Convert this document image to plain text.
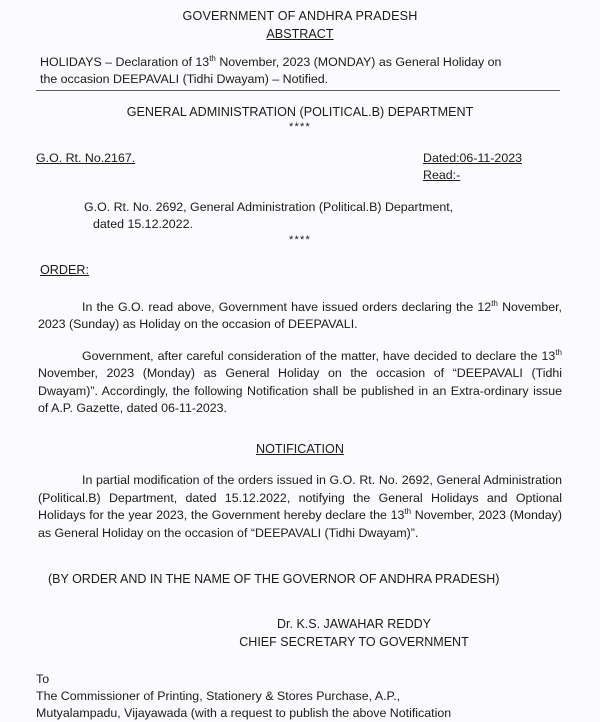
GOVERNMENT OF ANDHRA PRADESH
ABSTRACT
HOLIDAYS – Declaration of 13th November, 2023 (MONDAY) as General Holiday on
the occasion DEEPAVALI (Tidhi Dwayam) – Notified.
GENERAL ADMINISTRATION (POLITICAL.B) DEPARTMENT
****
G.O. Rt. No.2167.	Dated:06-11-2023
Read:-
G.O. Rt. No. 2692, General Administration (Political.B) Department,
dated 15.12.2022.
****
ORDER:
In the G.O. read above, Government have issued orders declaring the 12th November, 2023 (Sunday) as Holiday on the occasion of DEEPAVALI.
Government, after careful consideration of the matter, have decided to declare the 13th November, 2023 (Monday) as General Holiday on the occasion of “DEEPAVALI (Tidhi Dwayam)”. Accordingly, the following Notification shall be published in an Extra-ordinary issue of A.P. Gazette, dated 06-11-2023.
NOTIFICATION
In partial modification of the orders issued in G.O. Rt. No. 2692, General Administration (Political.B) Department, dated 15.12.2022, notifying the General Holidays and Optional Holidays for the year 2023, the Government hereby declare the 13th November, 2023 (Monday) as General Holiday on the occasion of “DEEPAVALI (Tidhi Dwayam)”.
(BY ORDER AND IN THE NAME OF THE GOVERNOR OF ANDHRA PRADESH)
Dr. K.S. JAWAHAR REDDY
CHIEF SECRETARY TO GOVERNMENT
To
The Commissioner of Printing, Stationery & Stores Purchase, A.P.,
Mutyalampadu, Vijayawada (with a request to publish the above Notification
